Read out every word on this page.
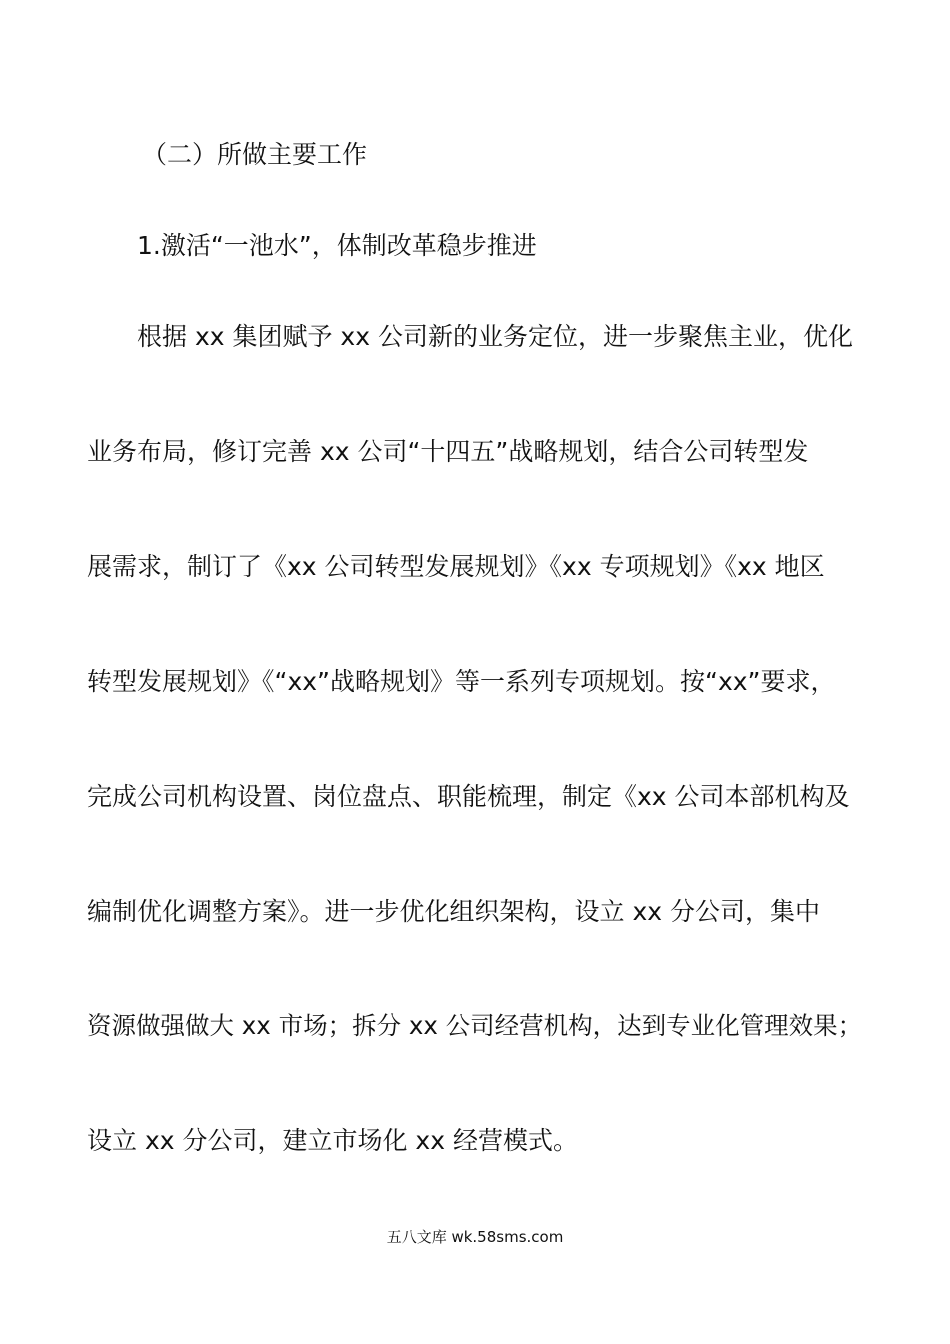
（二）所做主要工作
1.激活“一池水”，体制改革稳步推进
根据 xx 集团赋予 xx 公司新的业务定位，进一步聚焦主业，优化
业务布局，修订完善 xx 公司“十四五”战略规划，结合公司转型发
展需求，制订了《xx 公司转型发展规划》《xx 专项规划》《xx 地区
转型发展规划》《“xx”战略规划》等一系列专项规划。按“xx”要求，
完成公司机构设置、岗位盘点、职能梳理，制定《xx 公司本部机构及
编制优化调整方案》。进一步优化组织架构，设立 xx 分公司，集中
资源做强做大 xx 市场；拆分 xx 公司经营机构，达到专业化管理效果；
设立 xx 分公司，建立市场化 xx 经营模式。
五八文库 wk.58sms.com
